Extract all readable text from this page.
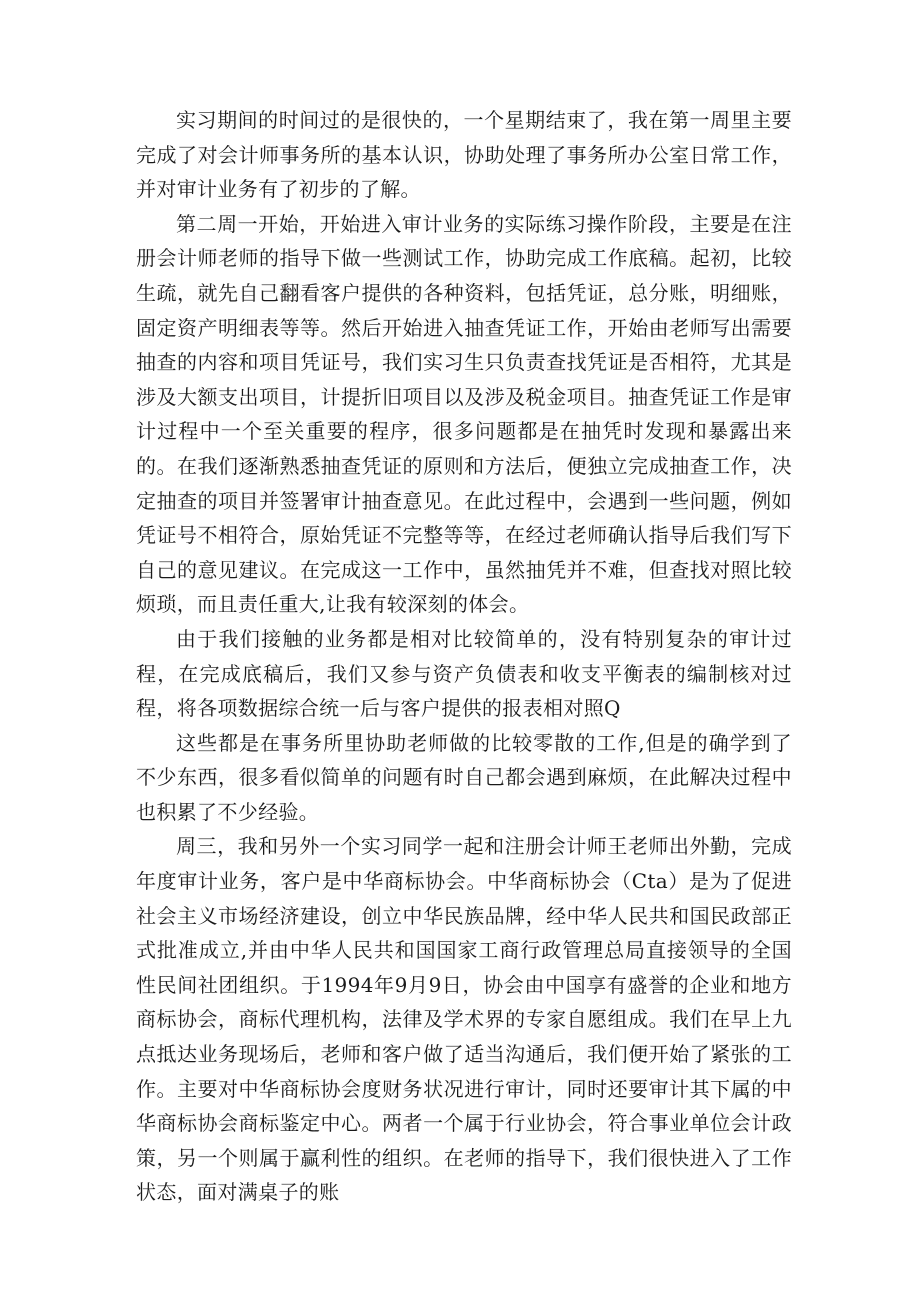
实习期间的时间过的是很快的，一个星期结束了，我在第一周里主要完成了对会计师事务所的基本认识，协助处理了事务所办公室日常工作，并对审计业务有了初步的了解。

第二周一开始，开始进入审计业务的实际练习操作阶段，主要是在注册会计师老师的指导下做一些测试工作，协助完成工作底稿。起初，比较生疏，就先自己翻看客户提供的各种资料，包括凭证，总分账，明细账，固定资产明细表等等。然后开始进入抽查凭证工作，开始由老师写出需要抽查的内容和项目凭证号，我们实习生只负责查找凭证是否相符，尤其是涉及大额支出项目，计提折旧项目以及涉及税金项目。抽查凭证工作是审计过程中一个至关重要的程序，很多问题都是在抽凭时发现和暴露出来的。在我们逐渐熟悉抽查凭证的原则和方法后，便独立完成抽查工作，决定抽查的项目并签署审计抽查意见。在此过程中，会遇到一些问题，例如凭证号不相符合，原始凭证不完整等等，在经过老师确认指导后我们写下自己的意见建议。在完成这一工作中，虽然抽凭并不难，但查找对照比较烦琐，而且责任重大,让我有较深刻的体会。

由于我们接触的业务都是相对比较简单的，没有特别复杂的审计过程，在完成底稿后，我们又参与资产负债表和收支平衡表的编制核对过程，将各项数据综合统一后与客户提供的报表相对照Q

这些都是在事务所里协助老师做的比较零散的工作,但是的确学到了不少东西，很多看似简单的问题有时自己都会遇到麻烦，在此解决过程中也积累了不少经验。

周三，我和另外一个实习同学一起和注册会计师王老师出外勤，完成年度审计业务，客户是中华商标协会。中华商标协会（Cta）是为了促进社会主义市场经济建设，创立中华民族品牌，经中华人民共和国民政部正式批准成立,并由中华人民共和国国家工商行政管理总局直接领导的全国性民间社团组织。于1994年9月9日，协会由中国享有盛誉的企业和地方商标协会，商标代理机构，法律及学术界的专家自愿组成。我们在早上九点抵达业务现场后，老师和客户做了适当沟通后，我们便开始了紧张的工作。主要对中华商标协会度财务状况进行审计，同时还要审计其下属的中华商标协会商标鉴定中心。两者一个属于行业协会，符合事业单位会计政策，另一个则属于赢利性的组织。在老师的指导下，我们很快进入了工作状态，面对满桌子的账
